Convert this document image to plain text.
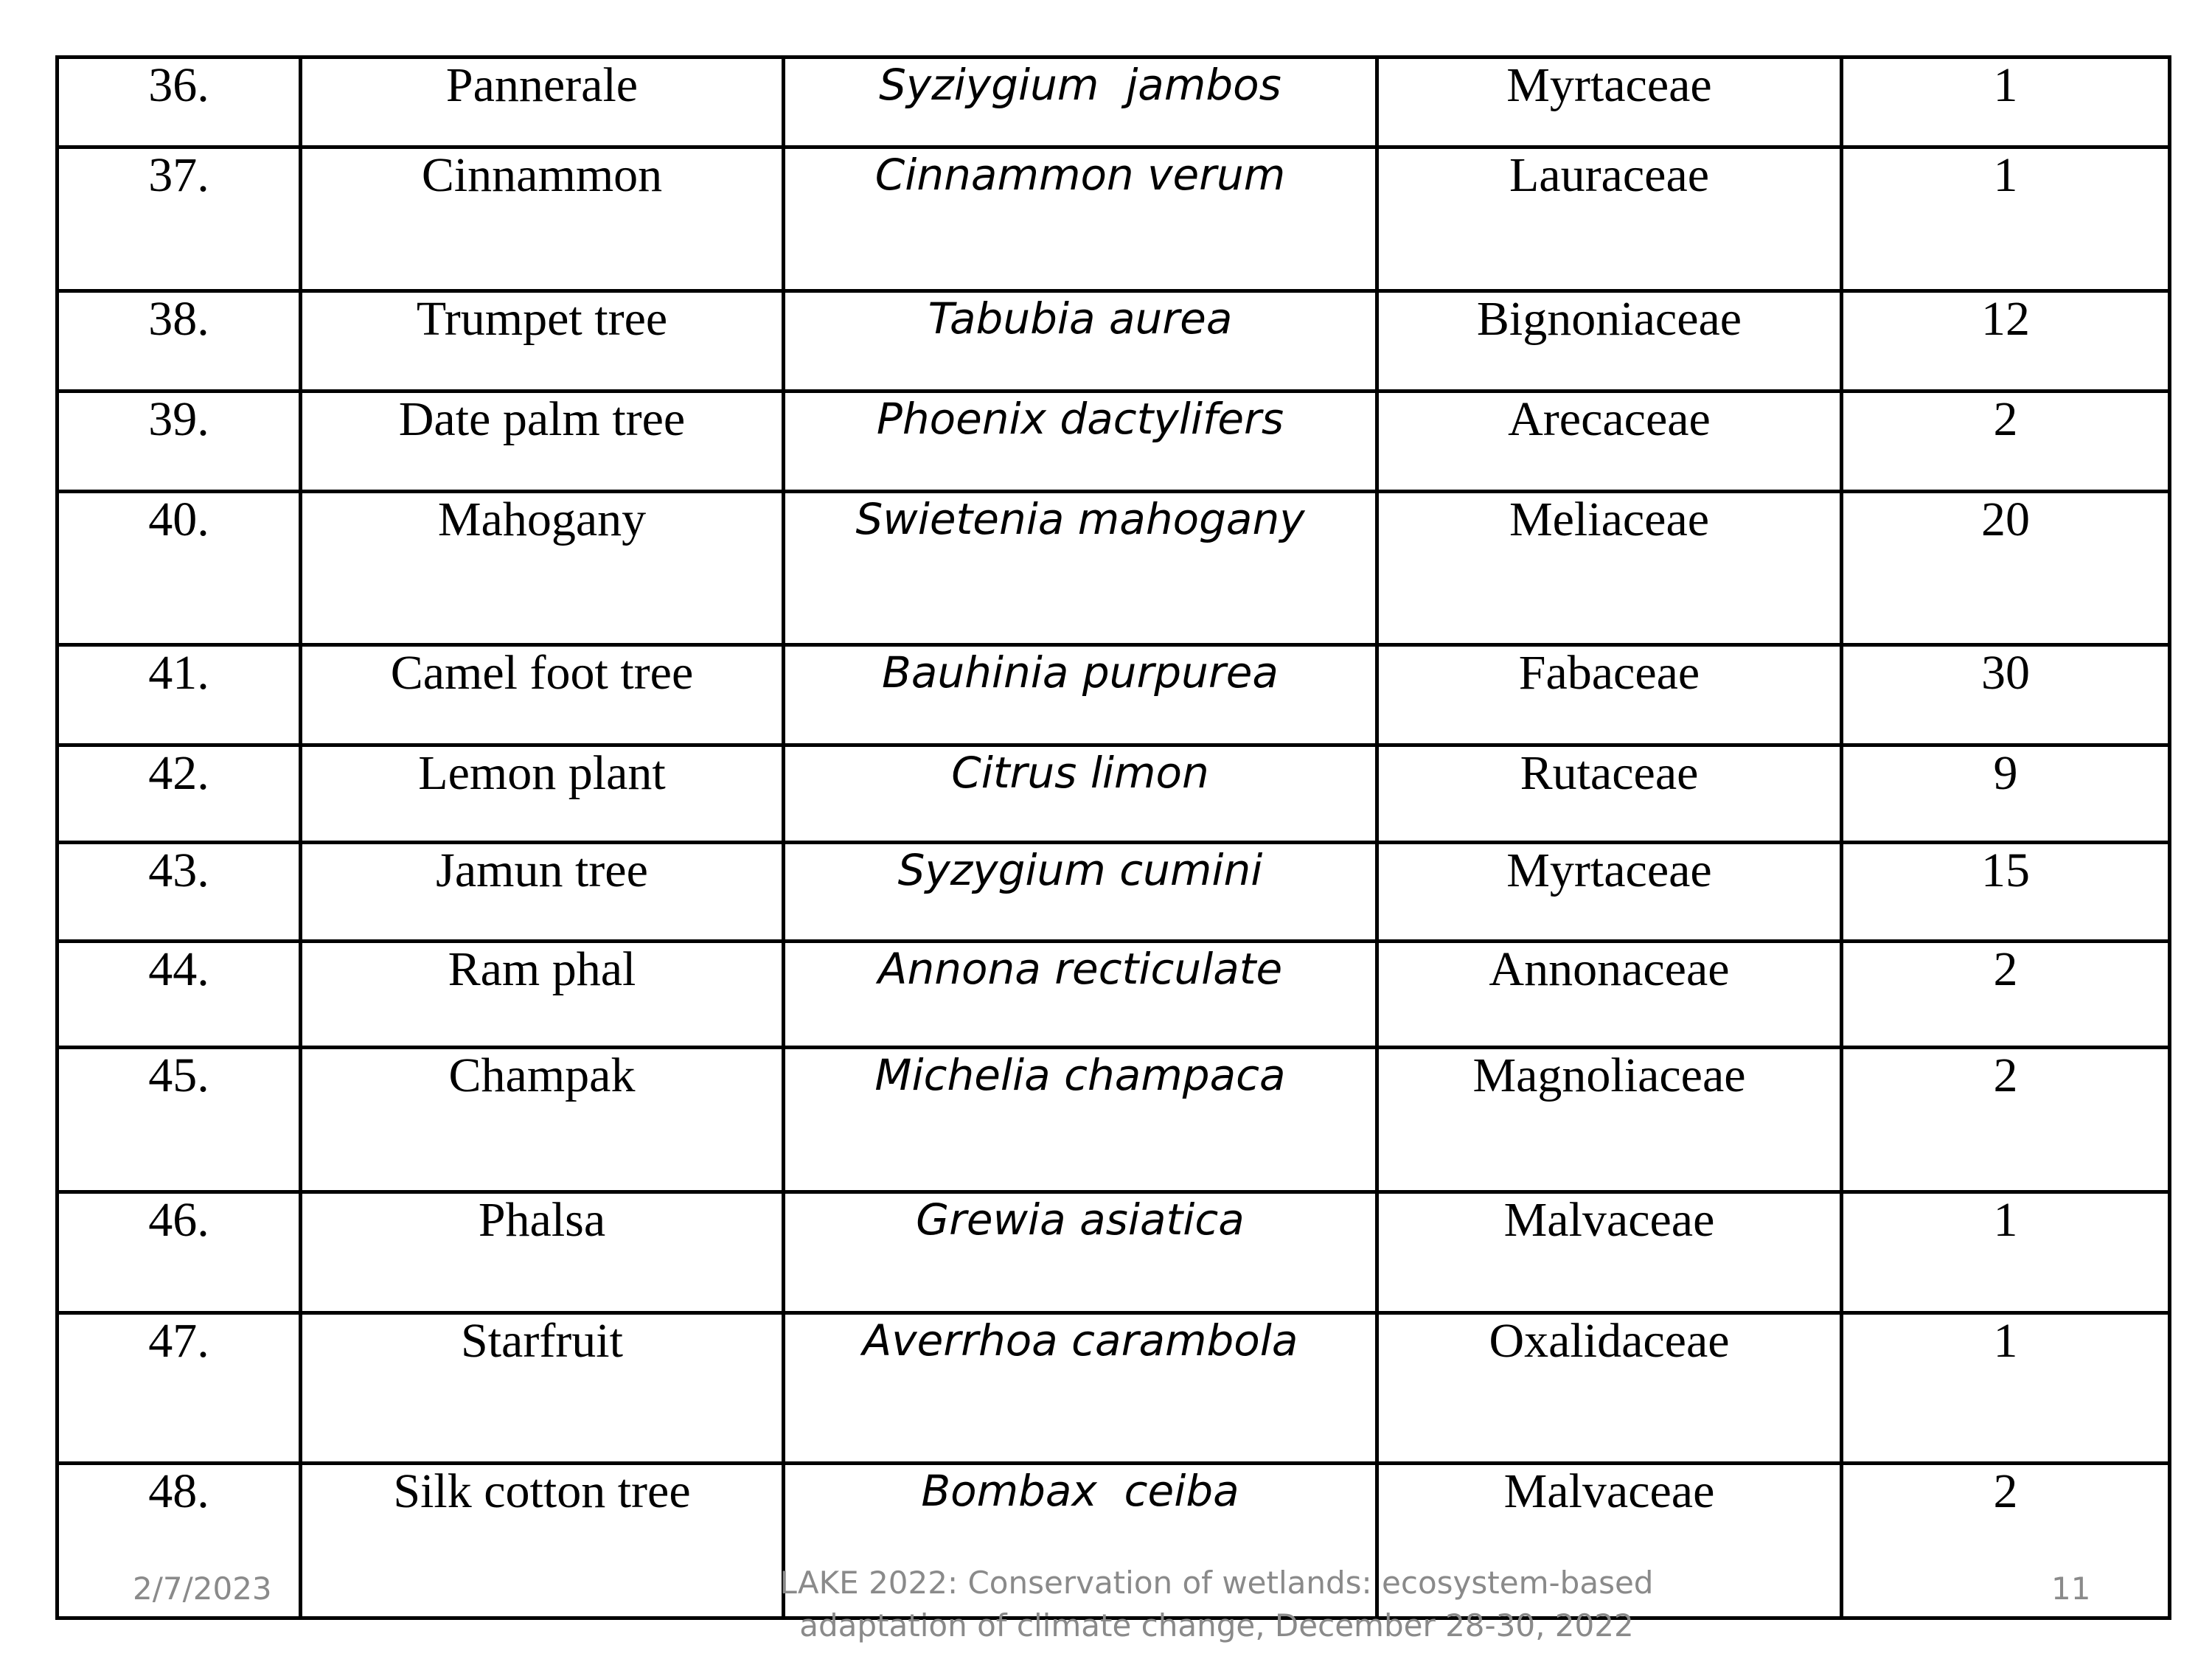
36.	Pannerale	Syziygium  jambos	Myrtaceae	1
37.	Cinnammon	Cinnammon verum	Lauraceae	1
38.	Trumpet tree	Tabubia aurea	Bignoniaceae	12
39.	Date palm tree	Phoenix dactylifers	Arecaceae	2
40.	Mahogany	Swietenia mahogany	Meliaceae	20
41.	Camel foot tree	Bauhinia purpurea	Fabaceae	30
42.	Lemon plant	Citrus limon	Rutaceae	9
43.	Jamun tree	Syzygium cumini	Myrtaceae	15
44.	Ram phal	Annona recticulate	Annonaceae	2
45.	Champak	Michelia champaca	Magnoliaceae	2
46.	Phalsa	Grewia asiatica	Malvaceae	1
47.	Starfruit	Averrhoa carambola	Oxalidaceae	1
48.	Silk cotton tree	Bombax  ceiba	Malvaceae	2
2/7/2023	LAKE 2022: Conservation of wetlands: ecosystem-based
adaptation of climate change, December 28-30, 2022
11
